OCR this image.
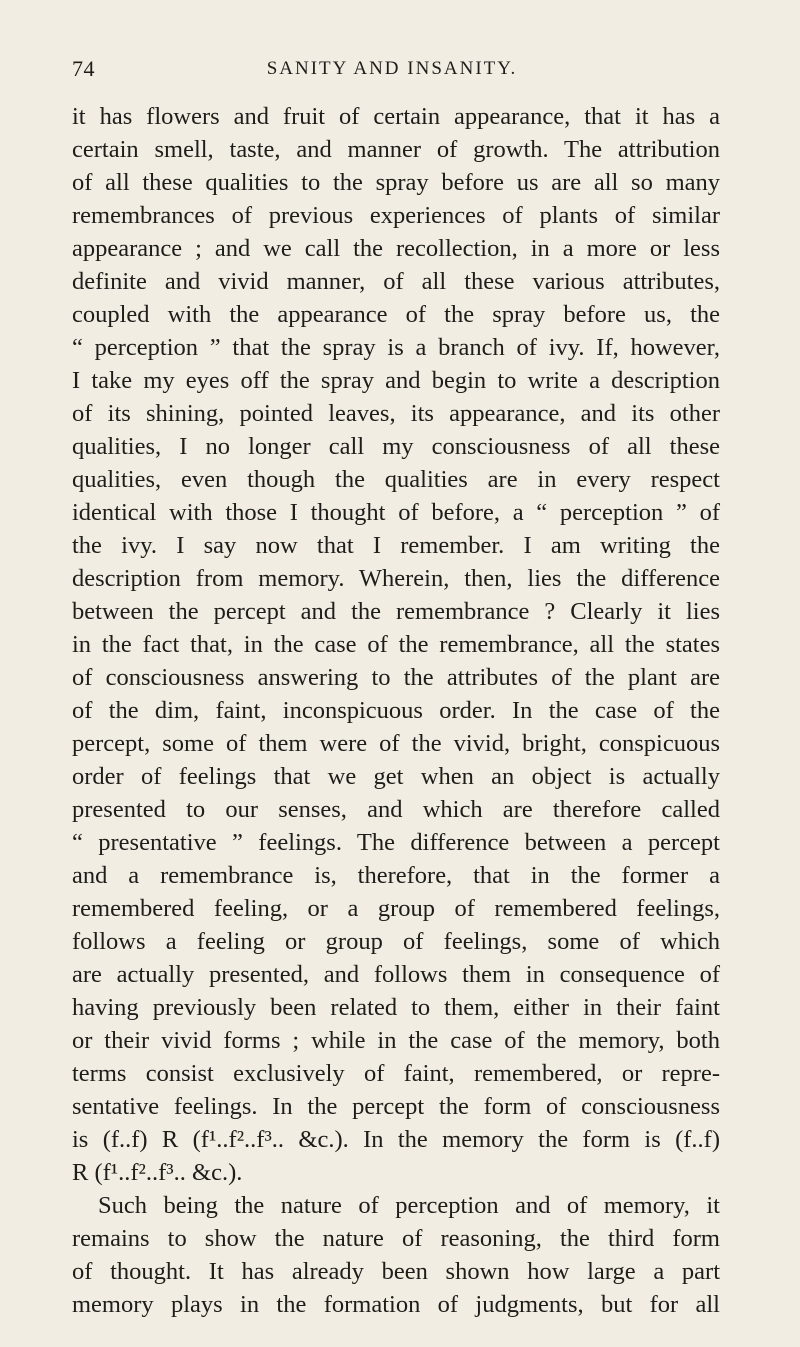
74	SANITY AND INSANITY.
it has flowers and fruit of certain appearance, that it has a
certain smell, taste, and manner of growth. The attribution
of all these qualities to the spray before us are all so many
remembrances of previous experiences of plants of similar
appearance ; and we call the recollection, in a more or less
definite and vivid manner, of all these various attributes,
coupled with the appearance of the spray before us, the
“ perception ” that the spray is a branch of ivy. If, however,
I take my eyes off the spray and begin to write a description
of its shining, pointed leaves, its appearance, and its other
qualities, I no longer call my consciousness of all these
qualities, even though the qualities are in every respect
identical with those I thought of before, a “ perception ” of
the ivy. I say now that I remember. I am writing the
description from memory. Wherein, then, lies the difference
between the percept and the remembrance ? Clearly it lies
in the fact that, in the case of the remembrance, all the states
of consciousness answering to the attributes of the plant are
of the dim, faint, inconspicuous order. In the case of the
percept, some of them were of the vivid, bright, conspicuous
order of feelings that we get when an object is actually
presented to our senses, and which are therefore called
“ presentative ” feelings. The difference between a percept
and a remembrance is, therefore, that in the former a
remembered feeling, or a group of remembered feelings,
follows a feeling or group of feelings, some of which
are actually presented, and follows them in consequence of
having previously been related to them, either in their faint
or their vivid forms ; while in the case of the memory, both
terms consist exclusively of faint, remembered, or repre-
sentative feelings. In the percept the form of consciousness
is (f..f) R (f¹..f²..f³.. &c.). In the memory the form is (f..f)
R (f¹..f²..f³.. &c.).
Such being the nature of perception and of memory, it
remains to show the nature of reasoning, the third form
of thought. It has already been shown how large a part
memory plays in the formation of judgments, but for all
